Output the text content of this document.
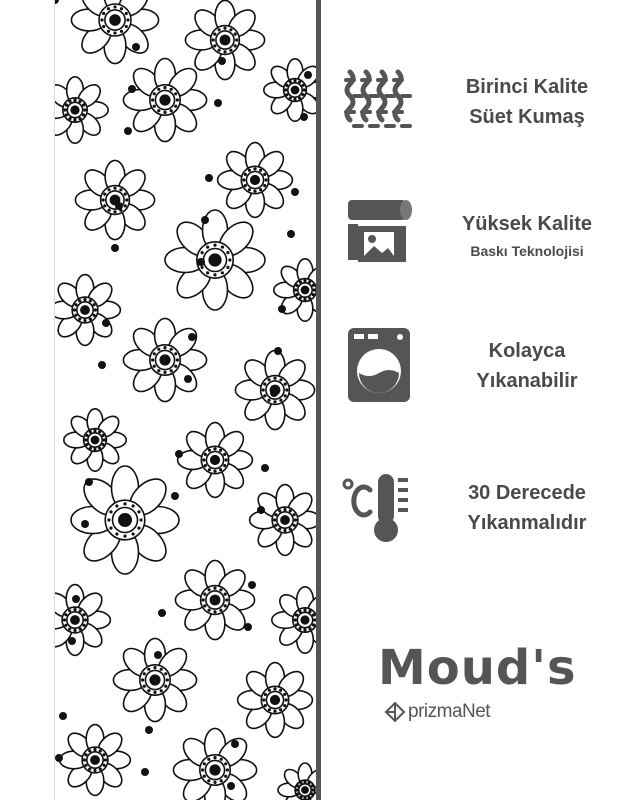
Birinci Kalite
Süet Kumaş
Yüksek Kalite
Baskı Teknolojisi
Kolayca
Yıkanabilir
30 Derecede
Yıkanmalıdır
Moud's
prizmaNet
